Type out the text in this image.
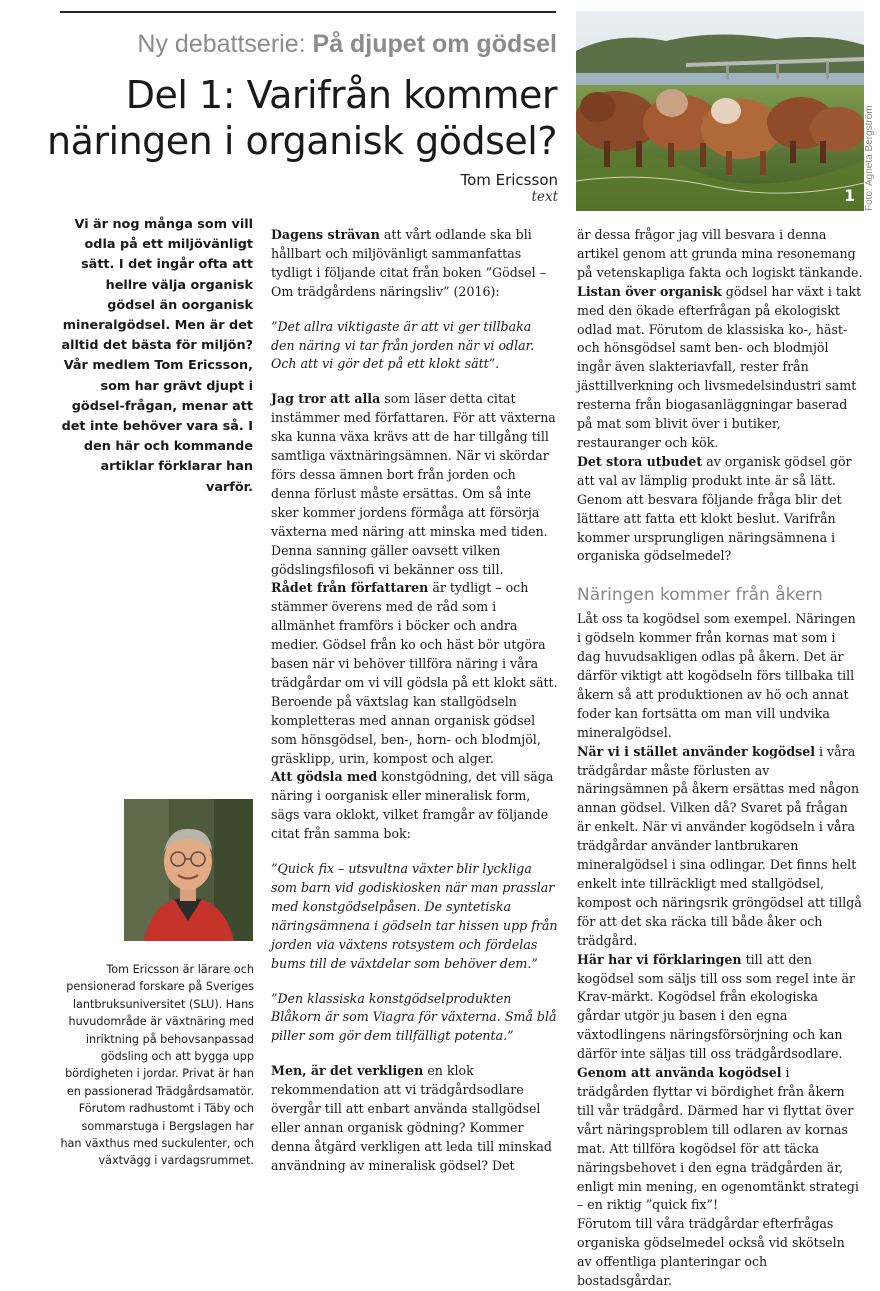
Ny debattserie: På djupet om gödsel
Del 1: Varifrån kommer
näringen i organisk gödsel?
Tom Ericsson
text	Foto: Agneta Bergström
1

Vi är nog många som vill odla på ett miljövänligt sätt. I det ingår ofta att hellre välja organisk gödsel än oorganisk mineralgödsel. Men är det alltid det bästa för miljön? Vår medlem Tom Ericsson, som har grävt djupt i gödsel-frågan, menar att det inte behöver vara så. I den här och kommande artiklar förklarar han varför.

Tom Ericsson är lärare och pensionerad forskare på Sveriges lantbruksuniversitet (SLU). Hans huvudområde är växtnäring med inriktning på behovsanpassad gödsling och att bygga upp bördigheten i jordar. Privat är han en passionerad Trädgårdsamatör. Förutom radhustomt i Täby och sommarstuga i Bergslagen har han växthus med suckulenter, och växtvägg i vardagsrummet.

Dagens strävan att vårt odlande ska bli hållbart och miljövänligt sammanfattas tydligt i följande citat från boken ”Gödsel – Om trädgårdens näringsliv” (2016):

”Det allra viktigaste är att vi ger tillbaka den näring vi tar från jorden när vi odlar. Och att vi gör det på ett klokt sätt”.

Jag tror att alla som läser detta citat instämmer med författaren. För att växterna ska kunna växa krävs att de har tillgång till samtliga växtnäringsämnen. När vi skördar förs dessa ämnen bort från jorden och denna förlust måste ersättas. Om så inte sker kommer jordens förmåga att försörja växterna med näring att minska med tiden. Denna sanning gäller oavsett vilken gödslingsfilosofi vi bekänner oss till.

Rådet från författaren är tydligt – och stämmer överens med de råd som i allmänhet framförs i böcker och andra medier. Gödsel från ko och häst bör utgöra basen när vi behöver tillföra näring i våra trädgårdar om vi vill gödsla på ett klokt sätt. Beroende på växtslag kan stallgödseln kompletteras med annan organisk gödsel som hönsgödsel, ben-, horn- och blodmjöl, gräsklipp, urin, kompost och alger.

Att gödsla med konstgödning, det vill säga näring i oorganisk eller mineralisk form, sägs vara oklokt, vilket framgår av följande citat från samma bok:

”Quick fix – utsvultna växter blir lyckliga som barn vid godiskiosken när man prasslar med konstgödselpåsen. De syntetiska näringsämnena i gödseln tar hissen upp från jorden via växtens rotsystem och fördelas bums till de växtdelar som behöver dem.”

”Den klassiska konstgödselprodukten Blåkorn är som Viagra för växterna. Små blå piller som gör dem tillfälligt potenta.”

Men, är det verkligen en klok rekommendation att vi trädgårdsodlare övergår till att enbart använda stallgödsel eller annan organisk gödning? Kommer denna åtgärd verkligen att leda till minskad användning av mineralisk gödsel? Det

är dessa frågor jag vill besvara i denna artikel genom att grunda mina resonemang på vetenskapliga fakta och logiskt tänkande.

Listan över organisk gödsel har växt i takt med den ökade efterfrågan på ekologiskt odlad mat. Förutom de klassiska ko-, häst- och hönsgödsel samt ben- och blodmjöl ingår även slakteriavfall, rester från jästtillverkning och livsmedelsindustri samt resterna från biogasanläggningar baserad på mat som blivit över i butiker, restauranger och kök.

Det stora utbudet av organisk gödsel gör att val av lämplig produkt inte är så lätt. Genom att besvara följande fråga blir det lättare att fatta ett klokt beslut. Varifrån kommer ursprungligen näringsämnena i organiska gödselmedel?

Näringen kommer från åkern

Låt oss ta kogödsel som exempel. Näringen i gödseln kommer från kornas mat som i dag huvudsakligen odlas på åkern. Det är därför viktigt att kogödseln förs tillbaka till åkern så att produktionen av hö och annat foder kan fortsätta om man vill undvika mineralgödsel.

När vi i stället använder kogödsel i våra trädgårdar måste förlusten av näringsämnen på åkern ersättas med någon annan gödsel. Vilken då? Svaret på frågan är enkelt. När vi använder kogödseln i våra trädgårdar använder lantbrukaren mineralgödsel i sina odlingar. Det finns helt enkelt inte tillräckligt med stallgödsel, kompost och näringsrik gröngödsel att tillgå för att det ska räcka till både åker och trädgård.

Här har vi förklaringen till att den kogödsel som säljs till oss som regel inte är Krav-märkt. Kogödsel från ekologiska gårdar utgör ju basen i den egna växtodlingens näringsförsörjning och kan därför inte säljas till oss trädgårdsodlare.

Genom att använda kogödsel i trädgården flyttar vi bördighet från åkern till vår trädgård. Därmed har vi flyttat över vårt näringsproblem till odlaren av kornas mat. Att tillföra kogödsel för att täcka näringsbehovet i den egna trädgården är, enligt min mening, en ogenomtänkt strategi – en riktig ”quick fix”!

Förutom till våra trädgårdar efterfrågas organiska gödselmedel också vid skötseln av offentliga planteringar och bostadsgårdar.
